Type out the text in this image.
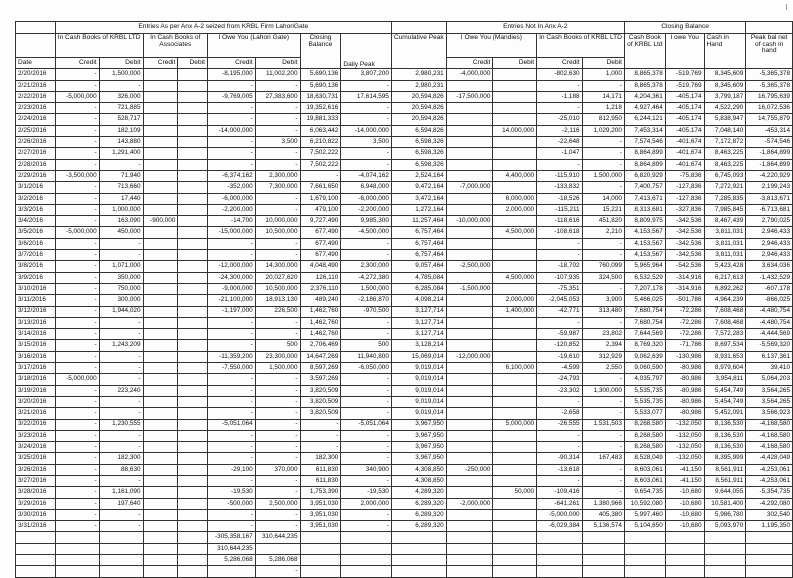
	Entries As per Anx A-2 seized from KRBL Firm LahoriGate									Entries Not In Anx A-2				Closing Balance			
	In Cash Books of KRBL LTD		In Cash Books of Associates		I Owe You (Lahori Gate)		Closing Balance	Daily Peak	Cumulative Peak	I Owe You (Mandies)		In Cash Books of KRBL LTD		Cash Book of KRBL Ltd	I owe You	Cash in Hand	Peak bal net of cash in hand
Date	Credit	Debit	Credit	Debit	Credit	Debit				Credit	Debit	Credit	Debit				
2/20/2016	-	1,500,000			-8,195,000	11,002,200	5,690,136	3,807,200	2,980,231	-4,000,000		-802,630	1,000	8,865,378	-519,769	8,345,609	-5,365,378
2/21/2016	-	-			-	-	5,690,136	-	2,980,231			-	-	8,865,378	-519,769	8,345,609	-5,365,378
2/22/2016	-5,000,000	326,000			-9,769,005	27,383,600	18,630,731	17,614,595	20,594,826	-17,500,000		-1,188	14,171	4,204,361	-405,174	3,799,187	16,795,639
2/23/2016	-	721,885			-	-	19,352,616	-	20,594,826			-	1,218	4,927,464	-405,174	4,522,290	16,072,536
2/24/2016	-	528,717			-	-	19,881,333	-	20,594,826			-25,010	812,950	6,244,121	-405,174	5,838,947	14,755,879
2/25/2016	-	182,109			-14,000,000	-	6,063,442	-14,000,000	6,594,826		14,000,000	-2,116	1,029,200	7,453,314	-405,174	7,048,140	-453,314
2/26/2016	-	143,880			-	3,500	6,210,822	3,500	6,598,326			-22,648	-	7,574,546	-401,674	7,172,872	-574,546
2/27/2016	-	1,291,400			-	-	7,502,222	-	6,598,326			-1,047	-	8,864,899	-401,674	8,463,225	-1,864,899
2/28/2016	-	-			-	-	7,502,222	-	6,598,326			-	-	8,864,899	-401,674	8,463,225	-1,864,899
2/29/2016	-3,500,000	71,940			-6,374,162	2,300,000	-	-4,074,162	2,524,164		4,400,000	-115,910	1,500,000	6,820,929	-75,836	6,745,093	-4,220,929
3/1/2016	-	713,660			-352,000	7,300,000	7,661,650	6,948,000	9,472,164	-7,000,000		-133,832	-	7,400,757	-127,836	7,272,921	2,199,243
3/2/2016	-	17,440			-6,000,000	-	1,679,100	-6,000,000	3,472,164		6,000,000	-18,526	14,000	7,413,671	-127,836	7,285,835	-3,813,671
3/3/2016	-	1,000,000			-2,200,000	-	479,100	-2,200,000	1,272,164		2,000,000	-115,211	15,221	8,313,681	-327,836	7,985,845	-6,713,681
3/4/2016	-	163,090	-900,000		-14,700	10,000,000	9,727,490	9,985,300	11,257,464	-10,000,000		-118,616	451,820	8,809,975	-342,536	8,467,439	2,790,025
3/5/2016	-5,000,000	450,000			-15,000,000	10,500,000	677,490	-4,500,000	6,757,464		4,500,000	-108,618	2,210	4,153,567	-342,536	3,811,031	2,946,433
3/6/2016	-	-			-	-	677,490	-	6,757,464			-	-	4,153,567	-342,536	3,811,031	2,946,433
3/7/2016	-	-			-	-	677,490	-	6,757,464			-	-	4,153,567	-342,536	3,811,031	2,946,433
3/8/2016	-	1,071,000			-12,000,000	14,300,000	4,048,490	2,300,000	9,057,464	-2,500,000		-18,702	760,099	5,965,964	-542,536	5,423,428	3,634,036
3/9/2016	-	350,000			-24,300,000	20,027,620	126,110	-4,272,380	4,785,084		4,500,000	-107,935	324,500	6,532,529	-314,916	6,217,613	-1,432,529
3/10/2016	-	750,000			-9,000,000	10,500,000	2,376,110	1,500,000	6,285,084	-1,500,000		-75,351	-	7,207,178	-314,916	6,892,262	-607,178
3/11/2016	-	300,000			-21,100,000	18,913,130	489,240	-2,186,870	4,098,214		2,000,000	-2,045,053	3,900	5,466,025	-501,786	4,964,239	-866,025
3/12/2016	-	1,944,020			-1,197,000	226,500	1,462,760	-970,500	3,127,714		1,400,000	-42,771	313,480	7,680,754	-72,286	7,608,468	-4,480,754
3/13/2016	-	-			-	-	1,462,760	-	3,127,714			-	-	7,680,754	-72,286	7,608,468	-4,480,754
3/14/2016	-	-			-	-	1,462,760	-	3,127,714			-59,987	23,802	7,644,569	-72,286	7,572,283	-4,444,569
3/15/2016	-	1,243,209			-	500	2,706,469	500	3,128,214			-120,852	2,394	8,769,320	-71,786	8,697,534	-5,569,320
3/16/2016	-	-			-11,359,200	23,300,000	14,647,269	11,940,800	15,069,014	-12,000,000		-19,610	312,929	9,062,639	-130,986	8,931,653	6,137,361
3/17/2016	-	-			-7,550,000	1,500,000	8,597,269	-6,050,000	9,019,014		6,100,000	-4,599	2,550	9,060,590	-80,986	8,979,604	39,410
3/18/2016	-5,000,000	-			-	-	3,597,269	-	9,019,014			-24,793	-	4,035,797	-80,986	3,954,811	5,064,203
3/19/2016	-	223,240			-	-	3,820,509	-	9,019,014			-23,302	1,300,000	5,535,735	-80,986	5,454,749	3,564,265
3/20/2016	-	-			-	-	3,820,509	-	9,019,014			-	-	5,535,735	-80,986	5,454,749	3,564,265
3/21/2016	-	-			-	-	3,820,509	-	9,019,014			-2,658	-	5,533,077	-80,986	5,452,091	3,566,923
3/22/2016	-	1,230,555			-5,051,064	-	-	-5,051,064	3,967,950		5,000,000	-26,555	1,531,503	8,268,580	-132,050	8,136,530	-4,168,580
3/23/2016	-	-			-	-	-	-	3,967,950			-	-	8,268,580	-132,050	8,136,530	-4,168,580
3/24/2016	-	-			-	-	-	-	3,967,950			-	-	8,268,580	-132,050	8,136,530	-4,168,580
3/25/2016	-	182,300			-	-	182,300	-	3,967,950			-90,314	167,483	8,528,049	-132,050	8,395,999	-4,428,049
3/26/2016	-	88,630			-29,100	370,000	611,830	340,900	4,308,850	-250,000		-13,618	-	8,603,061	-41,150	8,561,911	-4,253,061
3/27/2016	-	-			-	-	611,830	-	4,308,850			-	-	8,603,061	-41,150	8,561,911	-4,253,061
3/28/2016	-	1,161,090			-19,530	-	1,753,390	-19,530	4,289,320		50,000	-109,416	-	9,654,735	-10,680	9,644,055	-5,354,735
3/29/2016	-	197,640			-500,000	2,500,000	3,951,030	2,000,000	6,289,320	-2,000,000		-641,261	1,380,966	10,592,080	-10,680	10,581,400	-4,292,080
3/30/2016	-	-			-	-	3,951,030	-	6,289,320			-5,000,000	405,380	5,997,460	-10,680	5,986,780	302,540
3/31/2016	-	-			-	-	3,951,030	-	6,289,320			-6,029,384	5,136,574	5,104,650	-10,680	5,093,970	1,195,350
					-305,358,167	310,644,235											
					310,644,235												
					5,286,068	5,286,068											
						-											
